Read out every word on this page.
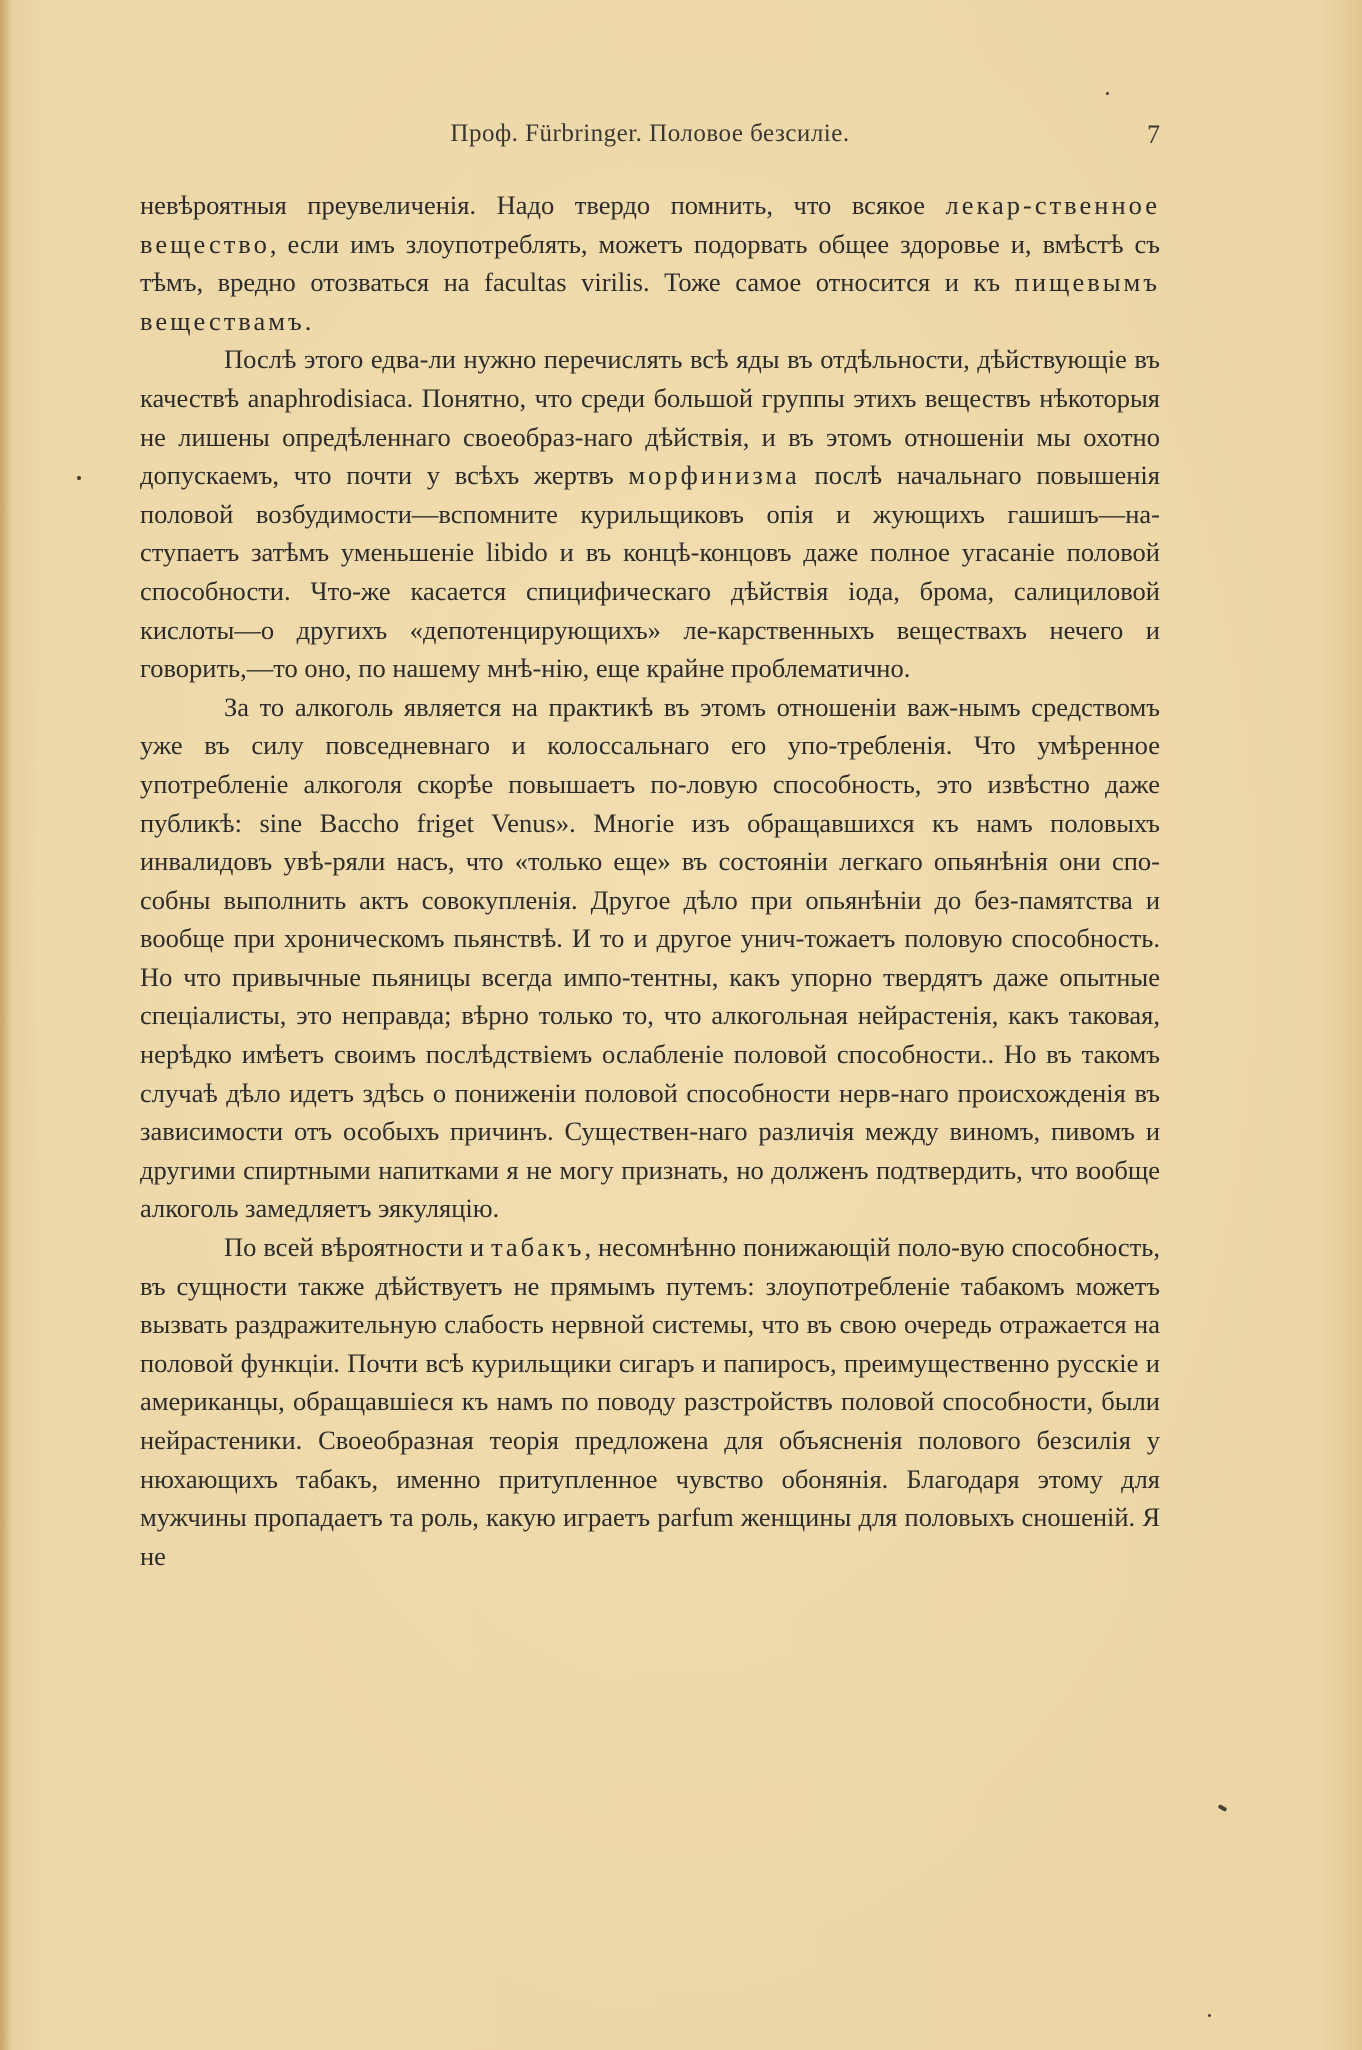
Проф. Fürbringer. Половое безсиліе.	7

невѣроятныя преувеличенія. Надо твердо помнить, что всякое лекар-ственное вещество, если имъ злоупотреблять, можетъ подорвать общее здоровье и, вмѣстѣ съ тѣмъ, вредно отозваться на facultas virilis. Тоже самое относится и къ пищевымъ веществамъ.

Послѣ этого едва-ли нужно перечислять всѣ яды въ отдѣльности, дѣйствующіе въ качествѣ anaphrodisiaca. Понятно, что среди большой группы этихъ веществъ нѣкоторыя не лишены опредѣленнаго своеобраз-наго дѣйствія, и въ этомъ отношеніи мы охотно допускаемъ, что почти у всѣхъ жертвъ морфинизма послѣ начальнаго повышенія половой возбудимости—вспомните курильщиковъ опія и жующихъ гашишъ—на-ступаетъ затѣмъ уменьшеніе libido и въ концѣ-концовъ даже полное угасаніе половой способности. Что-же касается спицифическаго дѣйствія іода, брома, салициловой кислоты—о другихъ «депотенцирующихъ» ле-карственныхъ веществахъ нечего и говорить,—то оно, по нашему мнѣ-нію, еще крайне проблематично.

За то алкоголь является на практикѣ въ этомъ отношеніи важ-нымъ средствомъ уже въ силу повседневнаго и колоссальнаго его упо-требленія. Что умѣренное употребленіе алкоголя скорѣе повышаетъ по-ловую способность, это извѣстно даже публикѣ: sine Baccho friget Venus». Многіе изъ обращавшихся къ намъ половыхъ инвалидовъ увѣ-ряли насъ, что «только еще» въ состояніи легкаго опьянѣнія они спо-собны выполнить актъ совокупленія. Другое дѣло при опьянѣніи до без-памятства и вообще при хроническомъ пьянствѣ. И то и другое унич-тожаетъ половую способность. Но что привычные пьяницы всегда импо-тентны, какъ упорно твердятъ даже опытные спеціалисты, это неправда; вѣрно только то, что алкогольная нейрастенія, какъ таковая, нерѣдко имѣетъ своимъ послѣдствіемъ ослабленіе половой способности.. Но въ такомъ случаѣ дѣло идетъ здѣсь о пониженіи половой способности нерв-наго происхожденія въ зависимости отъ особыхъ причинъ. Существен-наго различія между виномъ, пивомъ и другими спиртными напитками я не могу признать, но долженъ подтвердить, что вообще алкоголь замедляетъ эякуляцію.

По всей вѣроятности и табакъ, несомнѣнно понижающій поло-вую способность, въ сущности также дѣйствуетъ не прямымъ путемъ: злоупотребленіе табакомъ можетъ вызвать раздражительную слабость нервной системы, что въ свою очередь отражается на половой функціи. Почти всѣ курильщики сигаръ и папиросъ, преимущественно русскіе и американцы, обращавшіеся къ намъ по поводу разстройствъ половой способности, были нейрастеники. Своеобразная теорія предложена для объясненія полового безсилія у нюхающихъ табакъ, именно притупленное чувство обонянія. Благодаря этому для мужчины пропадаетъ та роль, какую играетъ parfum женщины для половыхъ сношеній. Я не
